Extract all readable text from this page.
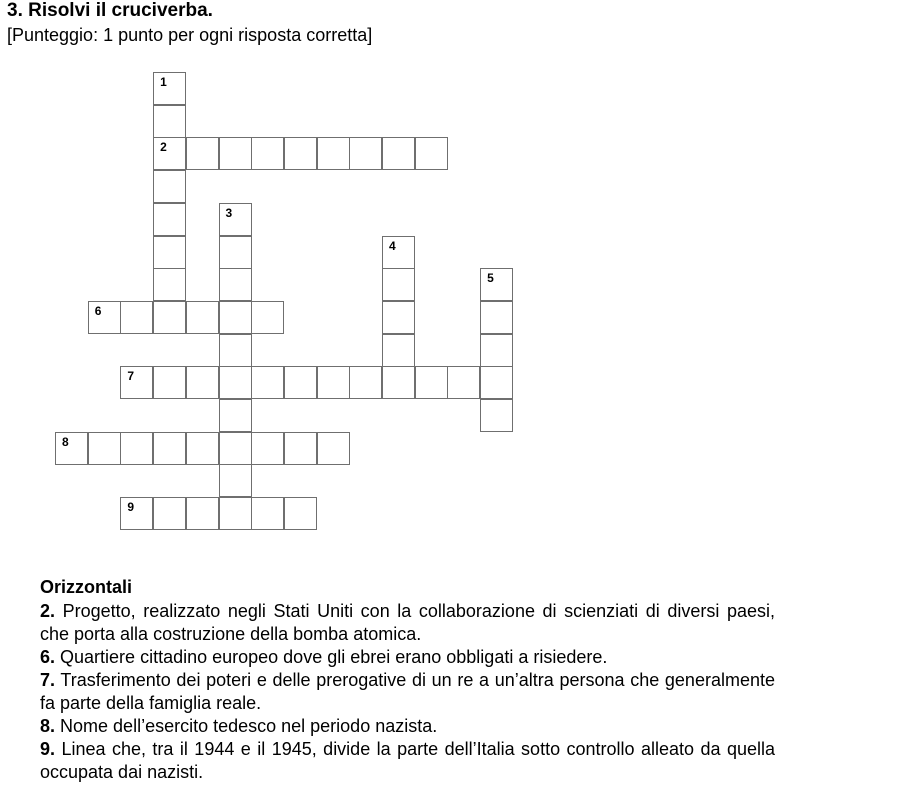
3. Risolvi il cruciverba.

[Punteggio: 1 punto per ogni risposta corretta]

1
2
3
4
5
6
7
8
9
Orizzontali

2. Progetto, realizzato negli Stati Uniti con la collaborazione di scienziati di diversi paesi, che porta alla costruzione della bomba atomica.

6. Quartiere cittadino europeo dove gli ebrei erano obbligati a risiedere.

7. Trasferimento dei poteri e delle prerogative di un re a un’altra persona che generalmente fa parte della famiglia reale.

8. Nome dell’esercito tedesco nel periodo nazista.

9. Linea che, tra il 1944 e il 1945, divide la parte dell’Italia sotto controllo alleato da quella occupata dai nazisti.
